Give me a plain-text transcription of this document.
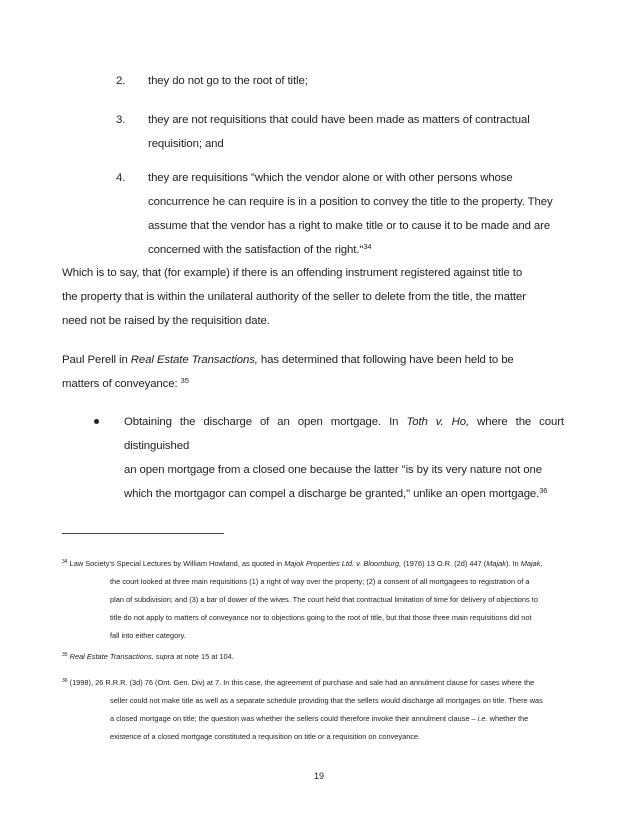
2. they do not go to the root of title;
3. they are not requisitions that could have been made as matters of contractual
requisition; and
4. they are requisitions "which the vendor alone or with other persons whose
concurrence he can require is in a position to convey the title to the property. They
assume that the vendor has a right to make title or to cause it to be made and are
concerned with the satisfaction of the right."$^{34}$
Which is to say, that (for example) if there is an offending instrument registered against title to
the property that is within the unilateral authority of the seller to delete from the title, the matter
need not be raised by the requisition date.
Paul Perell in Real Estate Transactions, has determined that following have been held to be
matters of conveyance: $^{35}$
Obtaining the discharge of an open mortgage. In Toth v. Ho, where the court distinguished
an open mortgage from a closed one because the latter "is by its very nature not one
which the mortgagor can compel a discharge be granted," unlike an open mortgage.$^{36}$
$^{34}$ Law Society's Special Lectures by William Howland, as quoted in Majok Properties Ltd. v. Bloomburg, (1976) 13 O.R. (2d) 447 (Majak). In Majak,
the court looked at three main requisitions (1) a right of way over the property; (2) a consent of all mortgagees to registration of a
plan of subdivision; and (3) a bar of dower of the wives. The court held that contractual limitation of time for delivery of objections to
title do not apply to matters of conveyance nor to objections going to the root of title, but that those three main requisitions did not
fall into either category.
$^{35}$ Real Estate Transactions, supra at note 15 at 104.
$^{36}$ (1998), 26 R.R.R. (3d) 76 (Ont. Gen. Div) at 7. In this case, the agreement of purchase and sale had an annulment clause for cases where the
seller could not make title as well as a separate schedule providing that the sellers would discharge all mortgages on title. There was
a closed mortgage on title; the question was whether the sellers could therefore invoke their annulment clause – i.e. whether the
existence of a closed mortgage constituted a requisition on title or a requisition on conveyance.
19
